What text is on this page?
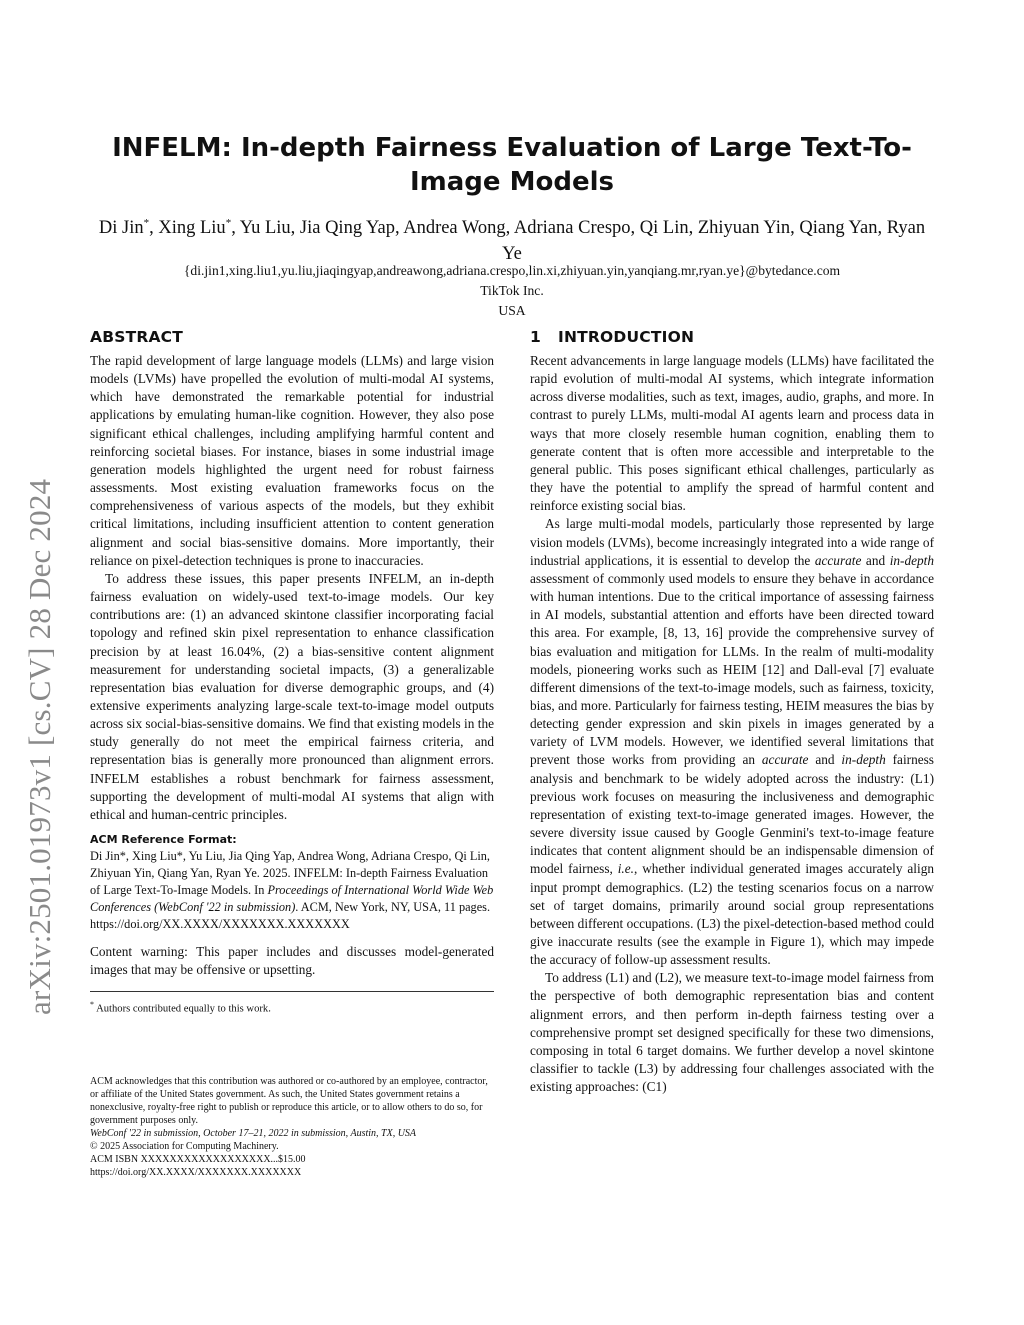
arXiv:2501.01973v1 [cs.CV] 28 Dec 2024
INFELM: In-depth Fairness Evaluation of Large Text-To-Image Models
Di Jin*, Xing Liu*, Yu Liu, Jia Qing Yap, Andrea Wong, Adriana Crespo, Qi Lin, Zhiyuan Yin, Qiang Yan, Ryan Ye
{di.jin1,xing.liu1,yu.liu,jiaqingyap,andreawong,adriana.crespo,lin.xi,zhiyuan.yin,yanqiang.mr,ryan.ye}@bytedance.com
TikTok Inc.
USA
ABSTRACT

The rapid development of large language models (LLMs) and large vision models (LVMs) have propelled the evolution of multi-modal AI systems, which have demonstrated the remarkable potential for industrial applications by emulating human-like cognition. However, they also pose significant ethical challenges, including amplifying harmful content and reinforcing societal biases. For instance, biases in some industrial image generation models highlighted the urgent need for robust fairness assessments. Most existing evaluation frameworks focus on the comprehensiveness of various aspects of the models, but they exhibit critical limitations, including insufficient attention to content generation alignment and social bias-sensitive domains. More importantly, their reliance on pixel-detection techniques is prone to inaccuracies.

To address these issues, this paper presents INFELM, an in-depth fairness evaluation on widely-used text-to-image models. Our key contributions are: (1) an advanced skintone classifier incorporating facial topology and refined skin pixel representation to enhance classification precision by at least 16.04%, (2) a bias-sensitive content alignment measurement for understanding societal impacts, (3) a generalizable representation bias evaluation for diverse demographic groups, and (4) extensive experiments analyzing large-scale text-to-image model outputs across six social-bias-sensitive domains. We find that existing models in the study generally do not meet the empirical fairness criteria, and representation bias is generally more pronounced than alignment errors. INFELM establishes a robust benchmark for fairness assessment, supporting the development of multi-modal AI systems that align with ethical and human-centric principles.

ACM Reference Format:

Di Jin*, Xing Liu*, Yu Liu, Jia Qing Yap, Andrea Wong, Adriana Crespo, Qi Lin, Zhiyuan Yin, Qiang Yan, Ryan Ye. 2025. INFELM: In-depth Fairness Evaluation of Large Text-To-Image Models. In Proceedings of International World Wide Web Conferences (WebConf '22 in submission). ACM, New York, NY, USA, 11 pages. https://doi.org/XX.XXXX/XXXXXXX.XXXXXXX

Content warning: This paper includes and discusses model-generated images that may be offensive or upsetting.

* Authors contributed equally to this work.

ACM acknowledges that this contribution was authored or co-authored by an employee, contractor, or affiliate of the United States government. As such, the United States government retains a nonexclusive, royalty-free right to publish or reproduce this article, or to allow others to do so, for government purposes only.
WebConf '22 in submission, October 17–21, 2022 in submission, Austin, TX, USA
© 2025 Association for Computing Machinery.
ACM ISBN XXXXXXXXXXXXXXXXXX...$15.00
https://doi.org/XX.XXXX/XXXXXXX.XXXXXXX
1 INTRODUCTION

Recent advancements in large language models (LLMs) have facilitated the rapid evolution of multi-modal AI systems, which integrate information across diverse modalities, such as text, images, audio, graphs, and more. In contrast to purely LLMs, multi-modal AI agents learn and process data in ways that more closely resemble human cognition, enabling them to generate content that is often more accessible and interpretable to the general public. This poses significant ethical challenges, particularly as they have the potential to amplify the spread of harmful content and reinforce existing social bias.

As large multi-modal models, particularly those represented by large vision models (LVMs), become increasingly integrated into a wide range of industrial applications, it is essential to develop the accurate and in-depth assessment of commonly used models to ensure they behave in accordance with human intentions. Due to the critical importance of assessing fairness in AI models, substantial attention and efforts have been directed toward this area. For example, [8, 13, 16] provide the comprehensive survey of bias evaluation and mitigation for LLMs. In the realm of multi-modality models, pioneering works such as HEIM [12] and Dall-eval [7] evaluate different dimensions of the text-to-image models, such as fairness, toxicity, bias, and more. Particularly for fairness testing, HEIM measures the bias by detecting gender expression and skin pixels in images generated by a variety of LVM models. However, we identified several limitations that prevent those works from providing an accurate and in-depth fairness analysis and benchmark to be widely adopted across the industry: (L1) previous work focuses on measuring the inclusiveness and demographic representation of existing text-to-image generated images. However, the severe diversity issue caused by Google Genmini's text-to-image feature indicates that content alignment should be an indispensable dimension of model fairness, i.e., whether individual generated images accurately align input prompt demographics. (L2) the testing scenarios focus on a narrow set of target domains, primarily around social group representations between different occupations. (L3) the pixel-detection-based method could give inaccurate results (see the example in Figure 1), which may impede the accuracy of follow-up assessment results.

To address (L1) and (L2), we measure text-to-image model fairness from the perspective of both demographic representation bias and content alignment errors, and then perform in-depth fairness testing over a comprehensive prompt set designed specifically for these two dimensions, composing in total 6 target domains. We further develop a novel skintone classifier to tackle (L3) by addressing four challenges associated with the existing approaches: (C1)
